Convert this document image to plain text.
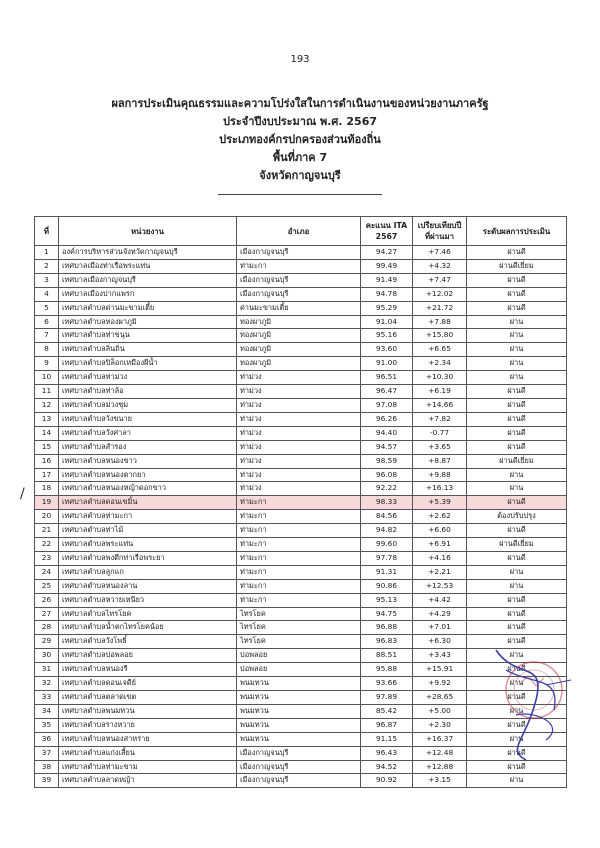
193
ผลการประเมินคุณธรรมและความโปร่งใสในการดำเนินงานของหน่วยงานภาครัฐ
ประจำปีงบประมาณ พ.ศ. 2567
ประเภทองค์กรปกครองส่วนท้องถิ่น
พื้นที่ภาค 7
จังหวัดกาญจนบุรี
/
ที่	หน่วยงาน	อำเภอ	คะแนน ITA 2567	เปรียบเทียบปีที่ผ่านมา	ระดับผลการประเมิน
1	องค์การบริหารส่วนจังหวัดกาญจนบุรี	เมืองกาญจนบุรี	94.27	+7.46	ผ่านดี
2	เทศบาลเมืองท่าเรือพระแท่น	ท่ามะกา	99.49	+4.32	ผ่านดีเยี่ยม
3	เทศบาลเมืองกาญจนบุรี	เมืองกาญจนบุรี	91.49	+7.47	ผ่านดี
4	เทศบาลเมืองปากแพรก	เมืองกาญจนบุรี	94.78	+12.02	ผ่านดี
5	เทศบาลตำบลด่านมะขามเตี้ย	ด่านมะขามเตี้ย	95.29	+21.72	ผ่านดี
6	เทศบาลตำบลทองผาภูมิ	ทองผาภูมิ	91.04	+7.88	ผ่าน
7	เทศบาลตำบลท่าขนุน	ทองผาภูมิ	95.16	+15.80	ผ่าน
8	เทศบาลตำบลลิ่นถิ่น	ทองผาภูมิ	93.60	+6.65	ผ่าน
9	เทศบาลตำบลปิล็อกเหมืองผีน้ำ	ทองผาภูมิ	91.00	+2.34	ผ่าน
10	เทศบาลตำบลท่าม่วง	ท่าม่วง	96.51	+10.30	ผ่าน
11	เทศบาลตำบลท่าล้อ	ท่าม่วง	96.47	+6.19	ผ่านดี
12	เทศบาลตำบลม่วงชุม	ท่าม่วง	97.08	+14.66	ผ่านดี
13	เทศบาลตำบลวังขนาย	ท่าม่วง	96.26	+7.82	ผ่านดี
14	เทศบาลตำบลวังศาลา	ท่าม่วง	94.40	-0.77	ผ่านดี
15	เทศบาลตำบลสำรอง	ท่าม่วง	94.57	+3.65	ผ่านดี
16	เทศบาลตำบลหนองขาว	ท่าม่วง	98.59	+8.87	ผ่านดีเยี่ยม
17	เทศบาลตำบลหนองตากยา	ท่าม่วง	96.08	+9.88	ผ่าน
18	เทศบาลตำบลหนองหญ้าดอกขาว	ท่าม่วง	92.22	+16.13	ผ่าน
19	เทศบาลตำบลดอนเขมิ้น	ท่ามะกา	98.33	+5.39	ผ่านดี
20	เทศบาลตำบลท่ามะกา	ท่ามะกา	84.56	+2.62	ต้องปรับปรุง
21	เทศบาลตำบลท่าไม้	ท่ามะกา	94.82	+6.60	ผ่านดี
22	เทศบาลตำบลพระแท่น	ท่ามะกา	99.60	+6.91	ผ่านดีเยี่ยม
23	เทศบาลตำบลพงตึกท่าเรือพระยา	ท่ามะกา	97.78	+4.16	ผ่านดี
24	เทศบาลตำบลลูกแก	ท่ามะกา	91.31	+2.21	ผ่าน
25	เทศบาลตำบลหนองลาน	ท่ามะกา	90.86	+12.53	ผ่าน
26	เทศบาลตำบลหวายเหนียว	ท่ามะกา	95.13	+4.42	ผ่านดี
27	เทศบาลตำบลไทรโยค	ไทรโยค	94.75	+4.29	ผ่านดี
28	เทศบาลตำบลน้ำตกไทรโยคน้อย	ไทรโยค	96.88	+7.01	ผ่านดี
29	เทศบาลตำบลวังโพธิ์	ไทรโยค	96.83	+6.30	ผ่านดี
30	เทศบาลตำบลบ่อพลอย	บ่อพลอย	88.51	+3.43	ผ่าน
31	เทศบาลตำบลหนองรี	บ่อพลอย	95.88	+15.91	ผ่านดี
32	เทศบาลตำบลดอนเจดีย์	พนมทวน	93.66	+9.92	ผ่าน
33	เทศบาลตำบลตลาดเขต	พนมทวน	97.89	+28.65	ผ่านดี
34	เทศบาลตำบลพนมทวน	พนมทวน	85.42	+5.00	ผ่าน
35	เทศบาลตำบลรางหวาย	พนมทวน	96.87	+2.30	ผ่านดี
36	เทศบาลตำบลหนองสาหร่าย	พนมทวน	91.15	+16.37	ผ่าน
37	เทศบาลตำบลแก่งเสี้ยน	เมืองกาญจนบุรี	96.43	+12.48	ผ่านดี
38	เทศบาลตำบลท่ามะขาม	เมืองกาญจนบุรี	94.52	+12.88	ผ่านดี
39	เทศบาลตำบลลาดหญ้า	เมืองกาญจนบุรี	90.92	+3.15	ผ่าน
